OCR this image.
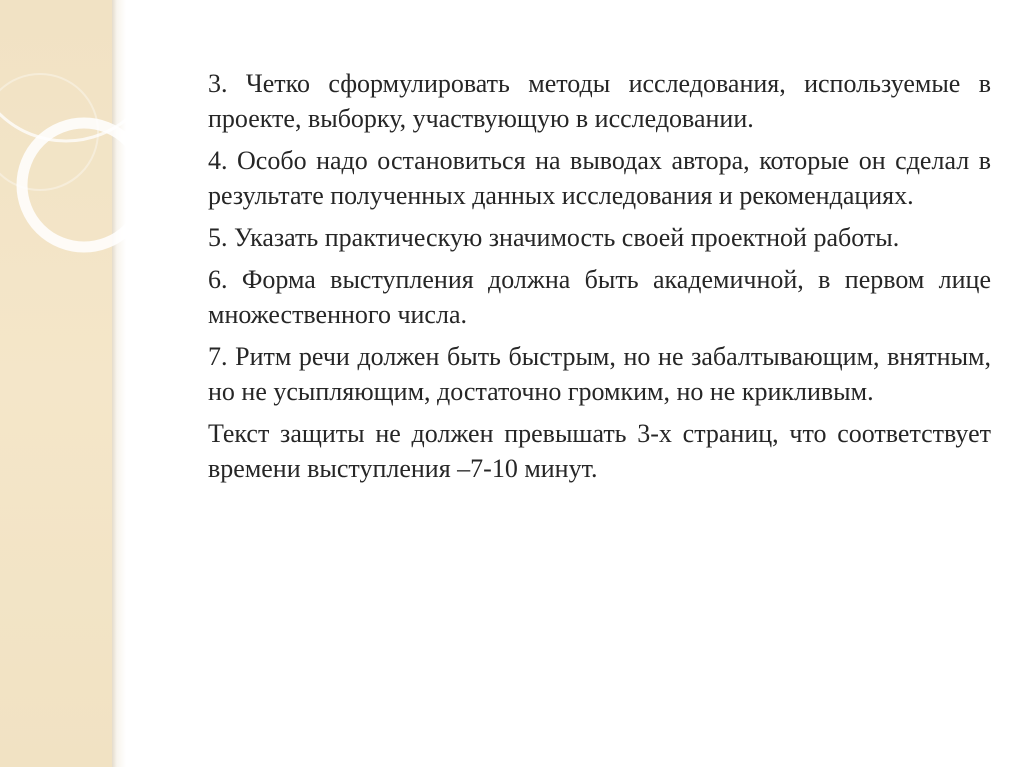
3. Четко сформулировать методы исследования, используемые в проекте, выборку, участвующую в исследовании.

4. Особо надо остановиться на выводах автора, которые он сделал в результате полученных данных исследования и рекомендациях.

5. Указать практическую значимость своей проектной работы.

6. Форма выступления должна быть академичной, в первом лице множественного числа.

7. Ритм речи должен быть быстрым, но не забалтывающим, внятным, но не усыпляющим, достаточно громким, но не крикливым.

Текст защиты не должен превышать 3-х страниц, что соответствует времени выступления –7-10 минут.
